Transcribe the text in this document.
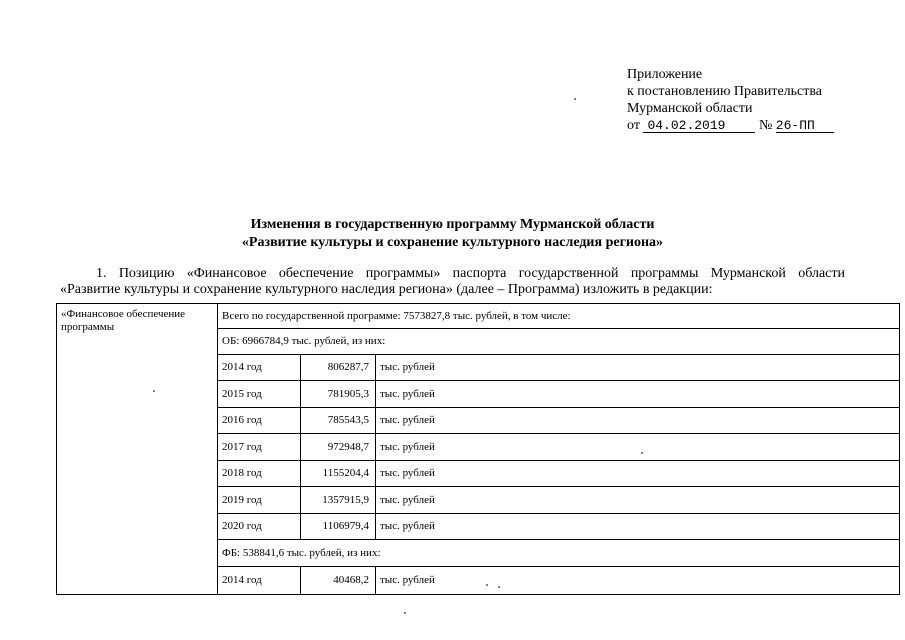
Приложение
к постановлению Правительства
Мурманской области
от 04.02.2019 № 26-ПП
Изменения в государственную программу Мурманской области
«Развитие культуры и сохранение культурного наследия региона»
1. Позицию «Финансовое обеспечение программы» паспорта государственной программы Мурманской области
«Развитие культуры и сохранение культурного наследия региона» (далее – Программа) изложить в редакции:
«Финансовое обеспечение программы	Всего по государственной программе: 7573827,8 тыс. рублей, в том числе:		
	ОБ: 6966784,9 тыс. рублей, из них:		
	2014 год	806287,7	тыс. рублей
	2015 год	781905,3	тыс. рублей
	2016 год	785543,5	тыс. рублей
	2017 год	972948,7	тыс. рублей
	2018 год	1155204,4	тыс. рублей
	2019 год	1357915,9	тыс. рублей
	2020 год	1106979,4	тыс. рублей
	ФБ: 538841,6 тыс. рублей, из них:		
	2014 год	40468,2	тыс. рублей
